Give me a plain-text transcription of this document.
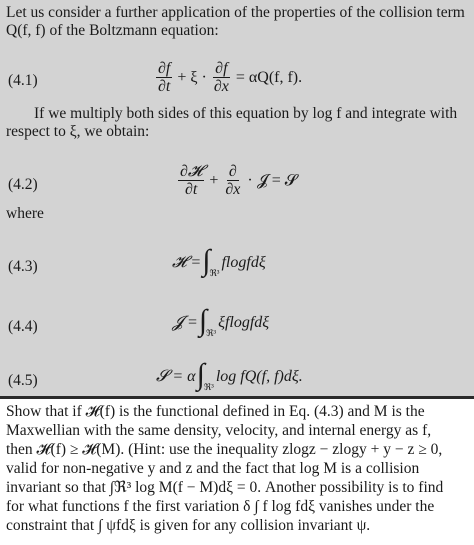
Let us consider a further application of the properties of the collision term
Q(f, f) of the Boltzmann equation:
(4.1)	$\frac{\partial f}{\partial t} + \xi \cdot \frac{\partial f}{\partial x} = \alpha Q(f$, f).
If we multiply both sides of this equation by log f and integrate with
respect to ξ, we obtain:
(4.2)	$\frac{\text{∂𝓗}}{\partial t} + \frac{\partial}{\partial x}$ · 𝓙 = 𝓢
where
(4.3)	𝓗 = ∫ ℜ³
flogfdξ
(4.4)	𝓙 = ∫ ℜ³
ξflogfdξ
(4.5)	𝓢 = α ∫ ℜ³
log fQ(f, f)dξ.
Show that if 𝓗(f) is the functional defined in Eq. (4.3) and M is the
Maxwellian with the same density, velocity, and internal energy as f,
then 𝓗(f) ≥ 𝓗(M). (Hint: use the inequality zlogz − zlogy + y − z ≥ 0,
valid for non-negative y and z and the fact that log M is a collision
invariant so that ∫ℜ³ log M(f − M)dξ = 0. Another possibility is to find
for what functions f the first variation δ ∫ f log fdξ vanishes under the
constraint that ∫ ψfdξ is given for any collision invariant ψ.
